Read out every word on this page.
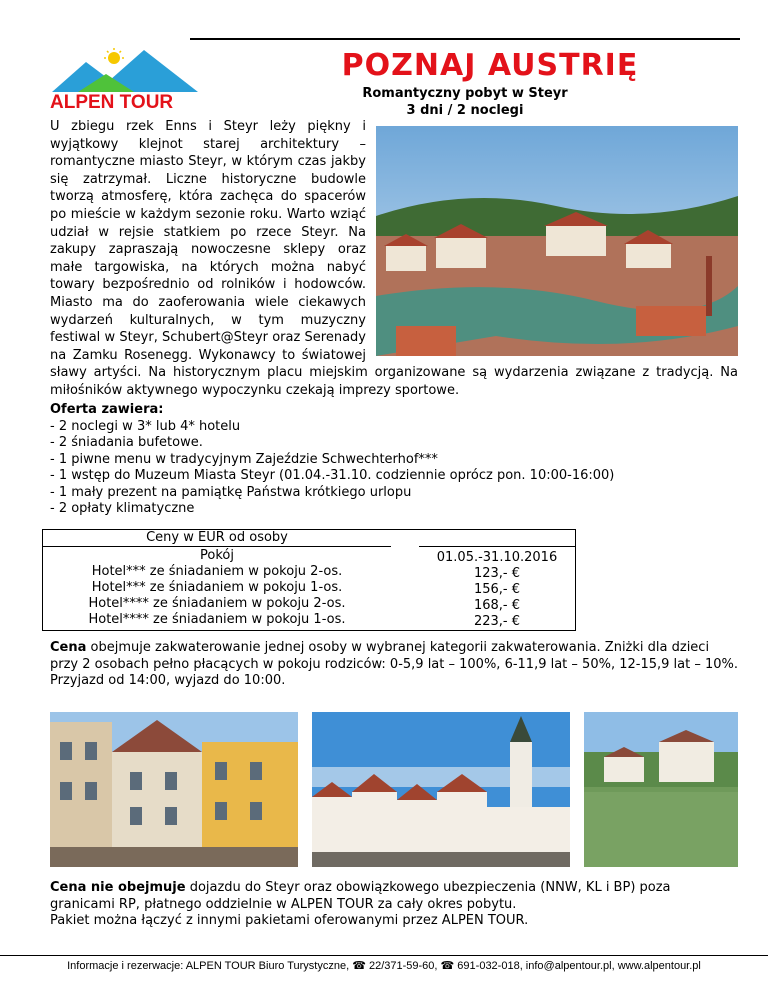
ALPEN TOUR
POZNAJ AUSTRIĘ
Romantyczny pobyt w Steyr
3 dni / 2 noclegi
U zbiegu rzek Enns i Steyr leży piękny i wyjątkowy klejnot starej architektury – romantyczne miasto Steyr, w którym czas jakby się zatrzymał. Liczne historyczne budowle tworzą atmosferę, która zachęca do spacerów po mieście w każdym sezonie roku. Warto wziąć udział w rejsie statkiem po rzece Steyr. Na zakupy zapraszają nowoczesne sklepy oraz małe targowiska, na których można nabyć towary bezpośrednio od rolników i hodowców. Miasto ma do zaoferowania wiele ciekawych wydarzeń kulturalnych, w tym muzyczny festiwal w Steyr, Schubert@Steyr oraz Serenady na Zamku Rosenegg. Wykonawcy to światowej sławy artyści. Na historycznym placu miejskim organizowane są wydarzenia związane z tradycją. Na miłośników aktywnego wypoczynku czekają imprezy sportowe.
Oferta zawiera:
- 2 noclegi w 3* lub 4* hotelu
- 2 śniadania bufetowe.
- 1 piwne menu w tradycyjnym Zajeździe Schwechterhof***
- 1 wstęp do Muzeum Miasta Steyr (01.04.-31.10. codziennie oprócz pon. 10:00-16:00)
- 1 mały prezent na pamiątkę Państwa krótkiego urlopu
- 2 opłaty klimatyczne
Ceny w EUR od osoby
Pokój
Hotel*** ze śniadaniem w pokoju 2-os.
Hotel*** ze śniadaniem w pokoju 1-os.
Hotel**** ze śniadaniem w pokoju 2-os.
Hotel**** ze śniadaniem w pokoju 1-os.
01.05.-31.10.2016
123,- €
156,- €
168,- €
223,- €
Cena obejmuje zakwaterowanie jednej osoby w wybranej kategorii zakwaterowania. Zniżki dla dzieci przy 2 osobach pełno płacących w pokoju rodziców: 0-5,9 lat – 100%, 6-11,9 lat – 50%, 12-15,9 lat – 10%.
Przyjazd od 14:00, wyjazd do 10:00.
Cena nie obejmuje dojazdu do Steyr oraz obowiązkowego ubezpieczenia (NNW, KL i BP) poza granicami RP, płatnego oddzielnie w ALPEN TOUR za cały okres pobytu.
Pakiet można łączyć z innymi pakietami oferowanymi przez ALPEN TOUR.
Informacje i rezerwacje: ALPEN TOUR Biuro Turystyczne, ☎ 22/371-59-60, ☎ 691-032-018, info@alpentour.pl, www.alpentour.pl
